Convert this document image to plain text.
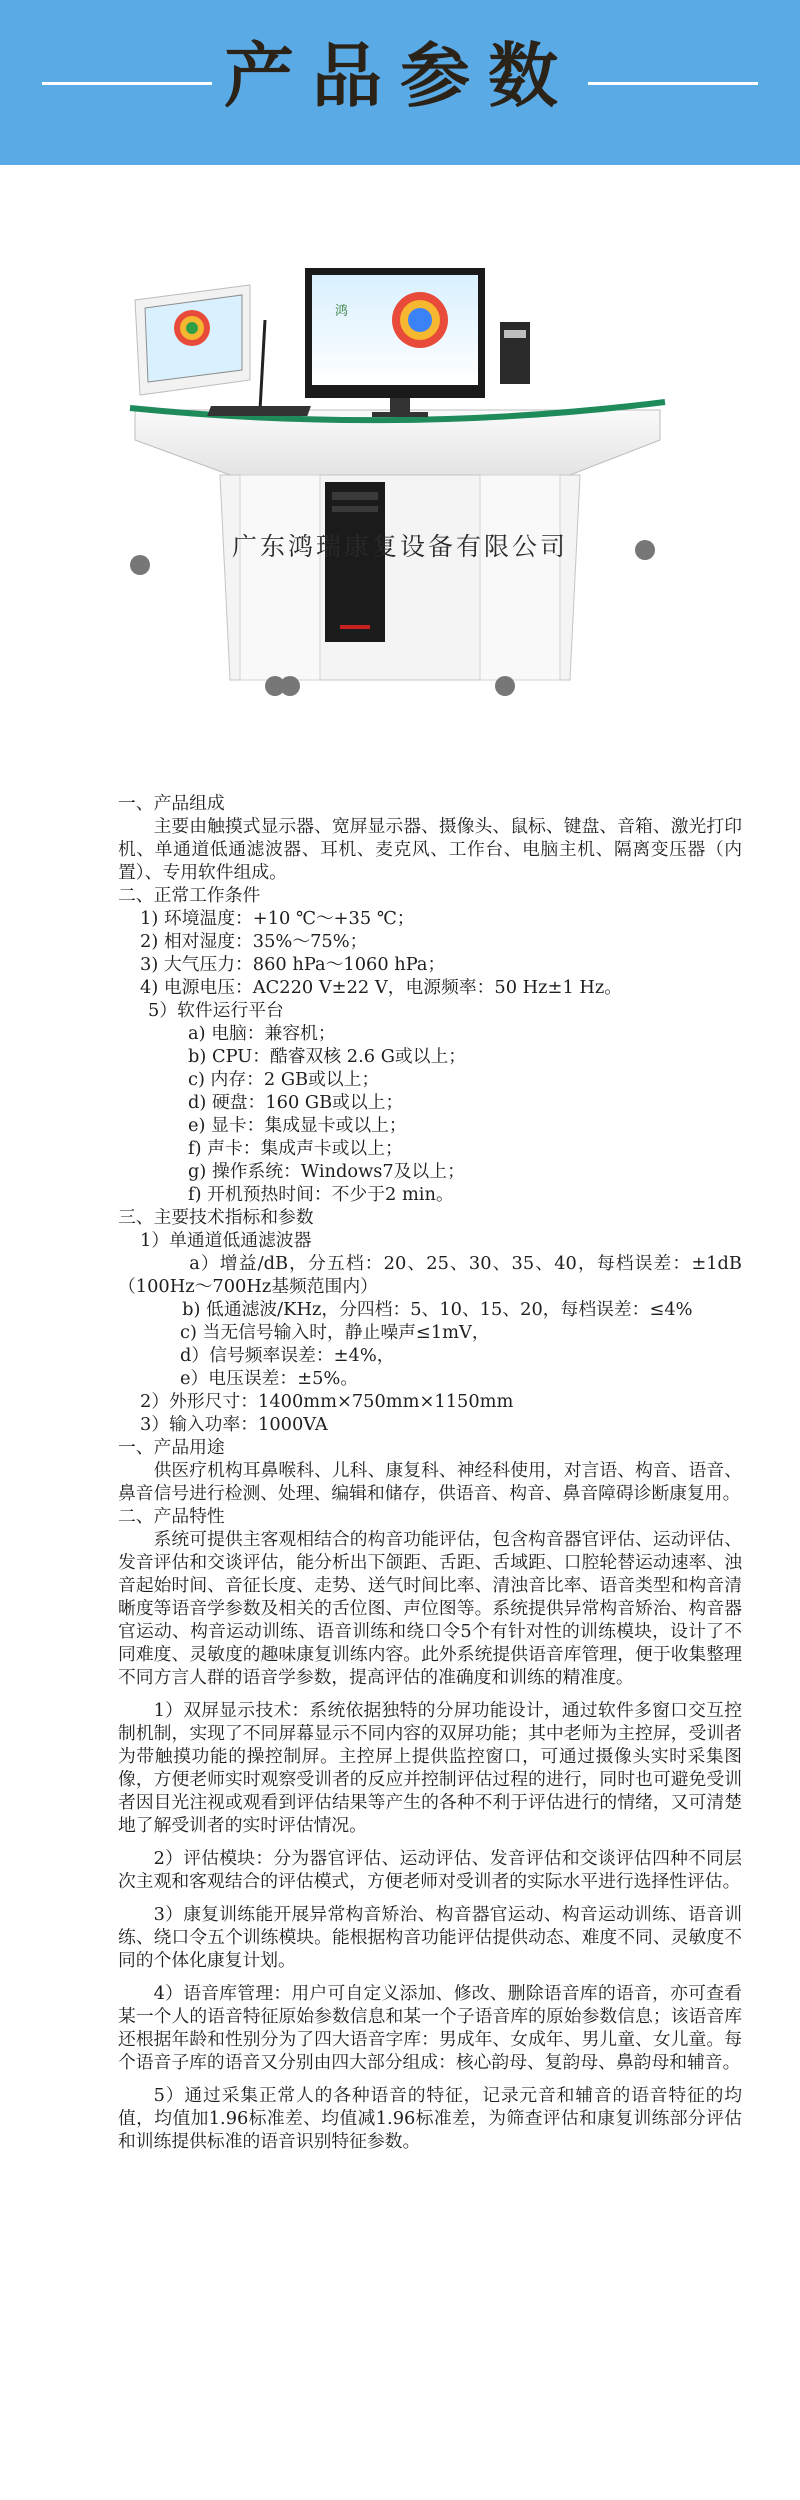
产品参数
鸿
广东鸿瑞康复设备有限公司

一、产品组成

主要由触摸式显示器、宽屏显示器、摄像头、鼠标、键盘、音箱、激光打印机、单通道低通滤波器、耳机、麦克风、工作台、电脑主机、隔离变压器（内置）、专用软件组成。

二、正常工作条件

1) 环境温度：+10 ℃～+35 ℃；

2) 相对湿度：35%～75%；

3) 大气压力：860 hPa～1060 hPa；

4) 电源电压：AC220 V±22 V，电源频率：50 Hz±1 Hz。

5）软件运行平台

a) 电脑：兼容机；

b) CPU：酷睿双核 2.6 G或以上；

c) 内存：2 GB或以上；

d) 硬盘：160 GB或以上；

e) 显卡：集成显卡或以上；

f) 声卡：集成声卡或以上；

g) 操作系统：Windows7及以上；

f) 开机预热时间：不少于2 min。

三、主要技术指标和参数

1）单通道低通滤波器

a）增益/dB，分五档：20、25、30、35、40，每档误差：±1dB（100Hz～700Hz基频范围内）

b) 低通滤波/KHz，分四档：5、10、15、20，每档误差：≤4%

c) 当无信号输入时，静止噪声≤1mV，

d）信号频率误差：±4%，

e）电压误差：±5%。

2）外形尺寸：1400mm×750mm×1150mm

3）输入功率：1000VA

一、产品用途

供医疗机构耳鼻喉科、儿科、康复科、神经科使用，对言语、构音、语音、鼻音信号进行检测、处理、编辑和储存，供语音、构音、鼻音障碍诊断康复用。

二、产品特性

系统可提供主客观相结合的构音功能评估，包含构音器官评估、运动评估、发音评估和交谈评估，能分析出下颌距、舌距、舌域距、口腔轮替运动速率、浊音起始时间、音征长度、走势、送气时间比率、清浊音比率、语音类型和构音清晰度等语音学参数及相关的舌位图、声位图等。系统提供异常构音矫治、构音器官运动、构音运动训练、语音训练和绕口令5个有针对性的训练模块，设计了不同难度、灵敏度的趣味康复训练内容。此外系统提供语音库管理，便于收集整理不同方言人群的语音学参数，提高评估的准确度和训练的精准度。

1）双屏显示技术：系统依据独特的分屏功能设计，通过软件多窗口交互控制机制，实现了不同屏幕显示不同内容的双屏功能；其中老师为主控屏，受训者为带触摸功能的操控制屏。主控屏上提供监控窗口，可通过摄像头实时采集图像，方便老师实时观察受训者的反应并控制评估过程的进行，同时也可避免受训者因目光注视或观看到评估结果等产生的各种不利于评估进行的情绪，又可清楚地了解受训者的实时评估情况。

2）评估模块：分为器官评估、运动评估、发音评估和交谈评估四种不同层次主观和客观结合的评估模式，方便老师对受训者的实际水平进行选择性评估。

3）康复训练能开展异常构音矫治、构音器官运动、构音运动训练、语音训练、绕口令五个训练模块。能根据构音功能评估提供动态、难度不同、灵敏度不同的个体化康复计划。

4）语音库管理：用户可自定义添加、修改、删除语音库的语音，亦可查看某一个人的语音特征原始参数信息和某一个子语音库的原始参数信息；该语音库还根据年龄和性别分为了四大语音字库：男成年、女成年、男儿童、女儿童。每个语音子库的语音又分别由四大部分组成：核心韵母、复韵母、鼻韵母和辅音。

5）通过采集正常人的各种语音的特征，记录元音和辅音的语音特征的均值，均值加1.96标准差、均值减1.96标准差，为筛查评估和康复训练部分评估和训练提供标准的语音识别特征参数。
